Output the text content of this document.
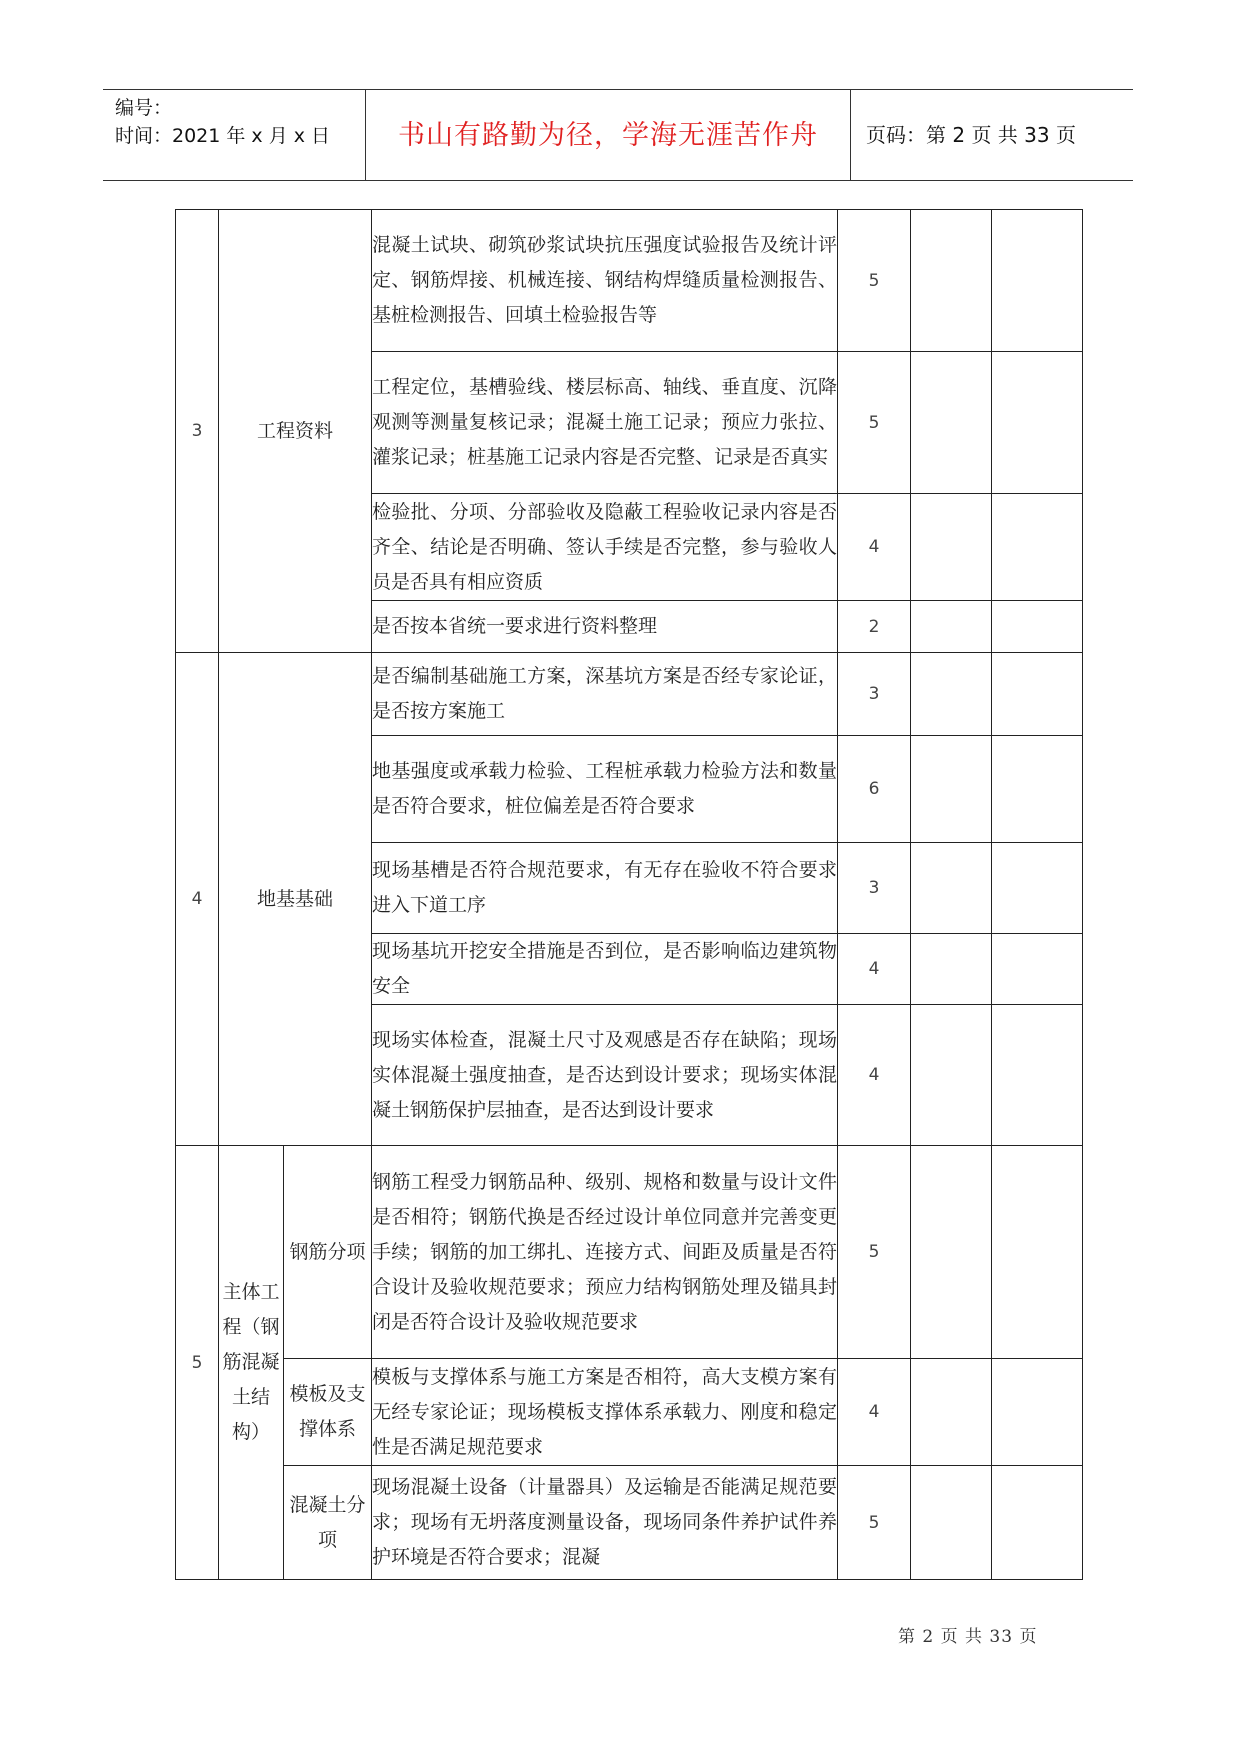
编号：
时间：2021 年 x 月 x 日	书山有路勤为径，学海无涯苦作舟	页码：第 2 页 共 33 页
3	工程资料		混凝土试块、砌筑砂浆试块抗压强度试验报告及统计评定、钢筋焊接、机械连接、钢结构焊缝质量检测报告、基桩检测报告、回填土检验报告等	5		
			工程定位，基槽验线、楼层标高、轴线、垂直度、沉降观测等测量复核记录；混凝土施工记录；预应力张拉、灌浆记录；桩基施工记录内容是否完整、记录是否真实	5		
			检验批、分项、分部验收及隐蔽工程验收记录内容是否齐全、结论是否明确、签认手续是否完整，参与验收人员是否具有相应资质	4		
			是否按本省统一要求进行资料整理	2		
4	地基基础		是否编制基础施工方案，深基坑方案是否经专家论证，是否按方案施工	3		
			地基强度或承载力检验、工程桩承载力检验方法和数量是否符合要求，桩位偏差是否符合要求	6		
			现场基槽是否符合规范要求，有无存在验收不符合要求进入下道工序	3		
			现场基坑开挖安全措施是否到位，是否影响临边建筑物安全	4		
			现场实体检查，混凝土尺寸及观感是否存在缺陷；现场实体混凝土强度抽查，是否达到设计要求；现场实体混凝土钢筋保护层抽查，是否达到设计要求	4		
5	主体工程（钢筋混凝土结构）	钢筋分项	钢筋工程受力钢筋品种、级别、规格和数量与设计文件是否相符；钢筋代换是否经过设计单位同意并完善变更手续；钢筋的加工绑扎、连接方式、间距及质量是否符合设计及验收规范要求；预应力结构钢筋处理及锚具封闭是否符合设计及验收规范要求	5		
		模板及支撑体系	模板与支撑体系与施工方案是否相符，高大支模方案有无经专家论证；现场模板支撑体系承载力、刚度和稳定性是否满足规范要求	4		
		混凝土分项	现场混凝土设备（计量器具）及运输是否能满足规范要求；现场有无坍落度测量设备，现场同条件养护试件养护环境是否符合要求；混凝	5		
第 2 页 共 33 页
